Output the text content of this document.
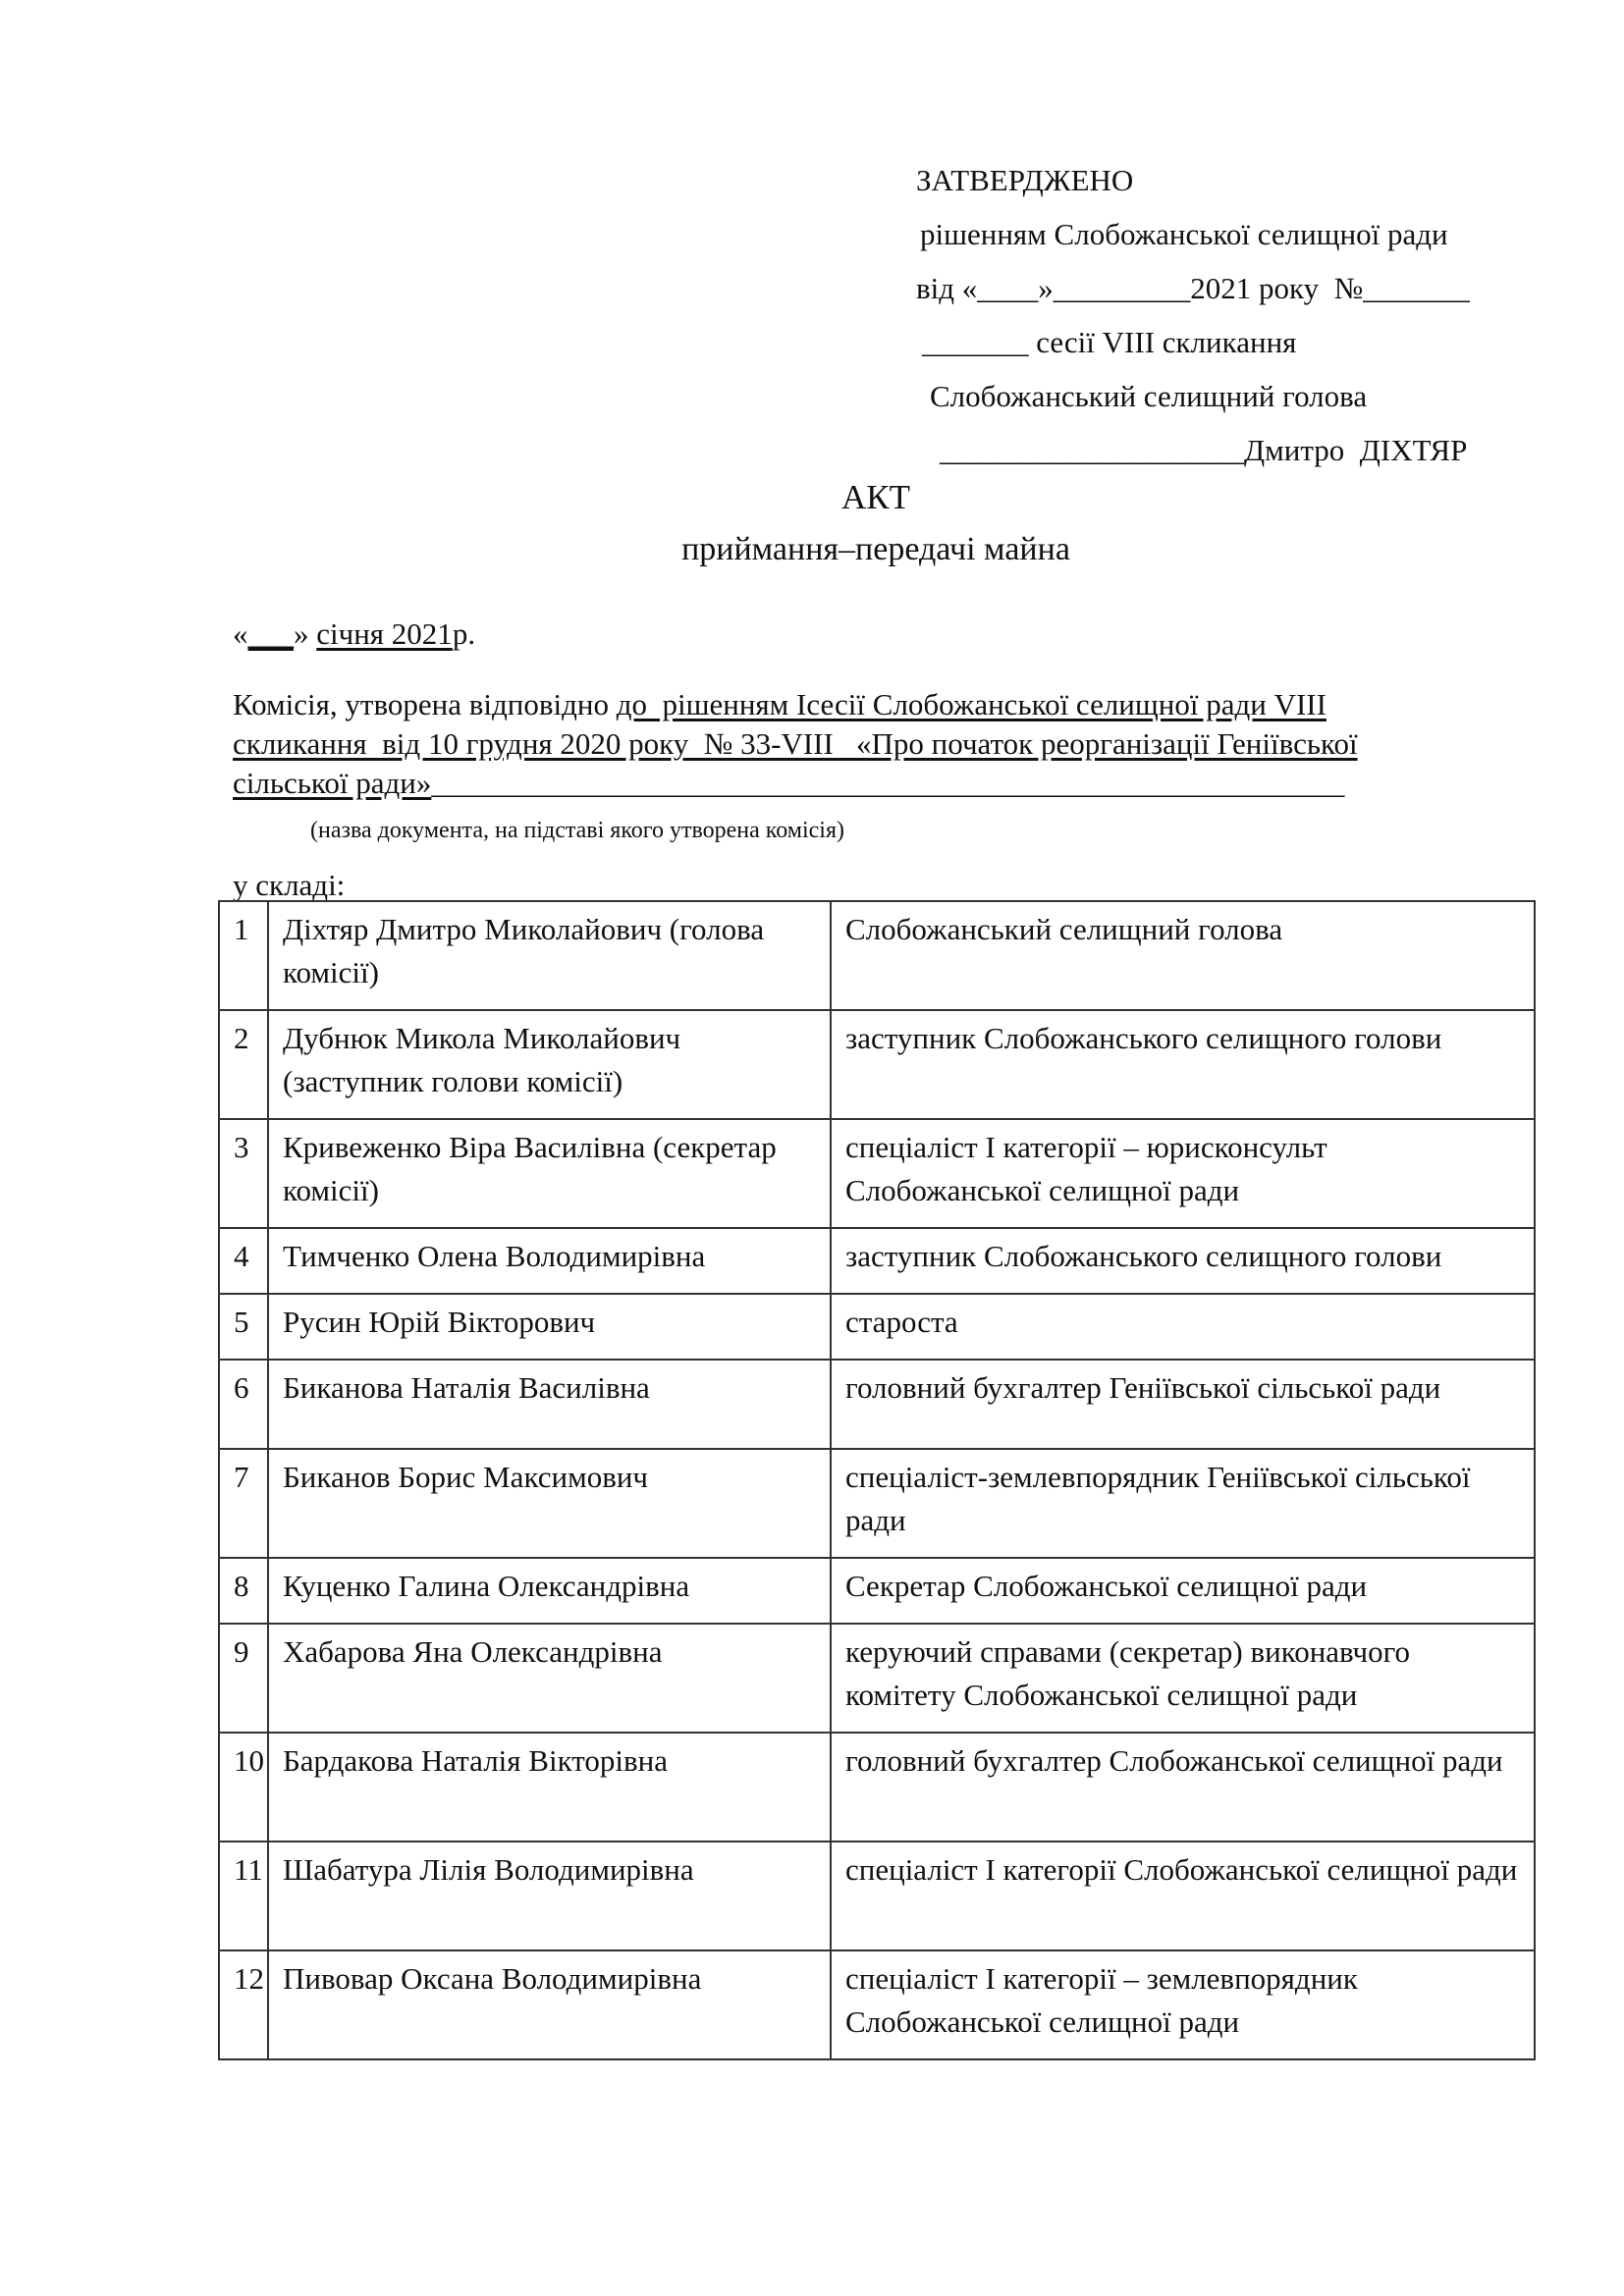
ЗАТВЕРДЖЕНО
рішенням Слобожанської селищної ради
від «____»_________2021 року  №_______
_______ сесії VIII скликання
Слобожанський селищний голова
____________________Дмитро  ДІХТЯР
АКТ
приймання–передачі майна
«___» січня 2021р.
Комісія, утворена відповідно до  рішенням Ісесії Слобожанської селищної ради VIII
скликання  від 10 грудня 2020 року  № 33-VIII   «Про початок реорганізації Геніївської
сільської ради»____________________________________________________________
(назва документа, на підставі якого утворена комісія)
у складі:
1	Діхтяр Дмитро Миколайович (голова комісії)	Слобожанський селищний голова
2	Дубнюк Микола Миколайович (заступник голови комісії)	заступник Слобожанського селищного голови
3	Кривеженко Віра Василівна (секретар комісії)	спеціаліст І категорії – юрисконсульт Слобожанської селищної ради
4	Тимченко Олена Володимирівна	заступник Слобожанського селищного голови
5	Русин Юрій Вікторович	староста
6	Биканова Наталія Василівна	головний бухгалтер Геніївської сільської ради
7	Биканов Борис Максимович	спеціаліст-землевпорядник Геніївської сільської ради
8	Куценко Галина Олександрівна	Секретар Слобожанської селищної ради
9	Хабарова Яна Олександрівна	керуючий справами (секретар) виконавчого комітету Слобожанської селищної ради
10	Бардакова Наталія Вікторівна	головний бухгалтер Слобожанської селищної ради
11	Шабатура Лілія Володимирівна	спеціаліст І категорії Слобожанської селищної ради
12	Пивовар Оксана Володимирівна	спеціаліст І категорії – землевпорядник Слобожанської селищної ради
